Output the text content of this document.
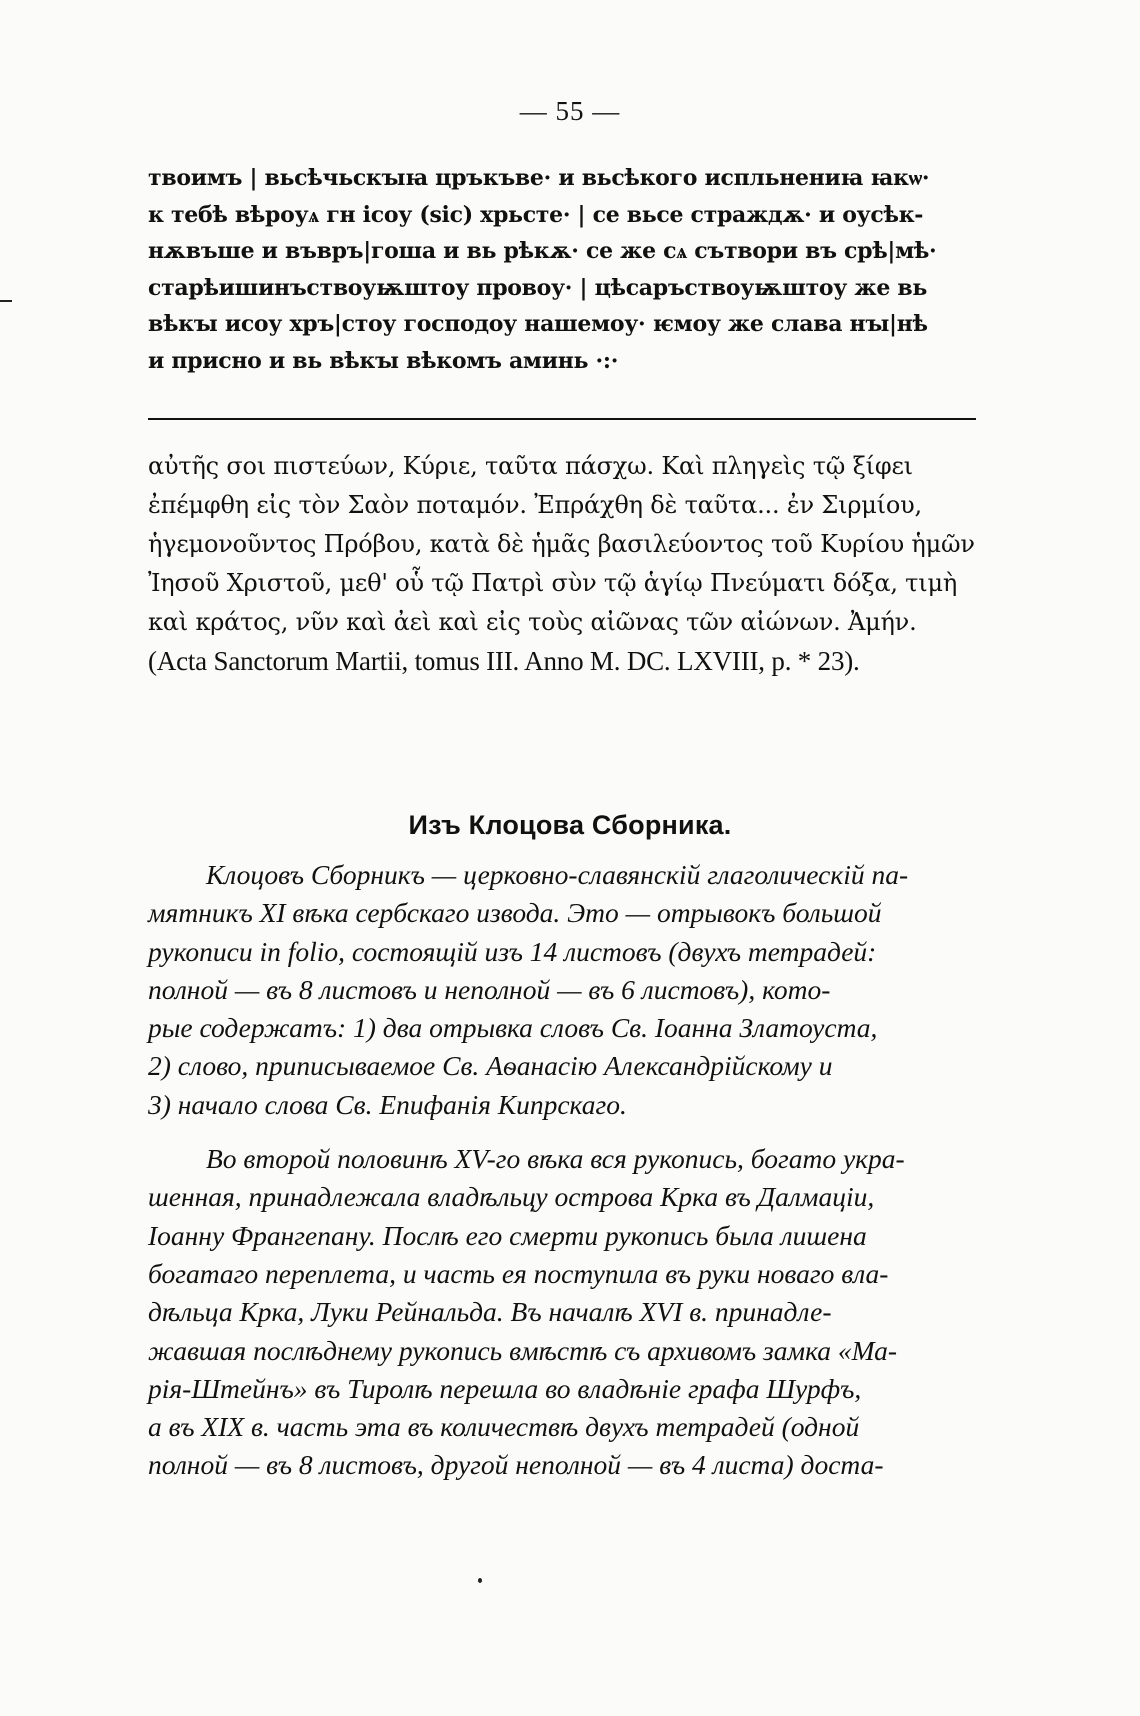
— 55 —
твоимъ | вьсѣчьскꙑꙗ цръкъве· и вьсѣкого испльнениꙗ ꙗкѡ·
к тебѣ вѣроуѧ гн ісоу (sic) хрьсте· | се вьсе страждѫ· и оусѣк-
нѫвъше и въвръ|гоша и вь рѣкѫ· се же сѧ сътвори въ срѣ|мѣ·
старѣишинъствоуѭштоу провоу· | цѣсаръствоуѭштоу же вь
вѣкꙑ исоу хръ|стоу господоу нашемоу· ѥмоу же слава нꙑ|нѣ
и присно и вь вѣкꙑ вѣкомъ аминь ·:·
αὐτῆς σοι πιστεύων, Κύριε, ταῦτα πάσχω. Καὶ πληγεὶς τῷ ξίφει
ἐπέμφθη εἰς τὸν Σαὸν ποταμόν. Ἐπράχθη δὲ ταῦτα... ἐν Σιρμίου,
ἡγεμονοῦντος Πρόβου, κατὰ δὲ ἡμᾶς βασιλεύοντος τοῦ Κυρίου ἡμῶν
Ἰησοῦ Χριστοῦ, μεθ' οὗ τῷ Πατρὶ σὺν τῷ ἁγίῳ Πνεύματι δόξα, τιμὴ
καὶ κράτος, νῦν καὶ ἀεὶ καὶ εἰς τοὺς αἰῶνας τῶν αἰώνων. Ἀμήν.
(Acta Sanctorum Martii, tomus III. Anno M. DC. LXVIII, p. * 23).
Изъ Клоцова Сборника.
Клоцовъ Сборникъ — церковно-славянскій глаголическій па-
мятникъ XI вѣка сербскаго извода. Это — отрывокъ большой
рукописи in folio, состоящій изъ 14 листовъ (двухъ тетрадей:
полной — въ 8 листовъ и неполной — въ 6 листовъ), кото-
рые содержатъ: 1) два отрывка словъ Св. Іоанна Златоуста,
2) слово, приписываемое Св. Аѳанасію Александрійскому и
3) начало слова Св. Епифанія Кипрскаго.
Во второй половинѣ XV-го вѣка вся рукопись, богато укра-
шенная, принадлежала владѣльцу острова Крка въ Далмаціи,
Іоанну Франгепану. Послѣ его смерти рукопись была лишена
богатаго переплета, и часть ея поступила въ руки новаго вла-
дѣльца Крка, Луки Рейнальда. Въ началѣ XVI в. принадле-
жавшая послѣднему рукопись вмѣстѣ съ архивомъ замка «Ма-
рія-Штейнъ» въ Тиролѣ перешла во владѣніе графа Шурфъ,
а въ XIX в. часть эта въ количествѣ двухъ тетрадей (одной
полной — въ 8 листовъ, другой неполной — въ 4 листа) доста-
